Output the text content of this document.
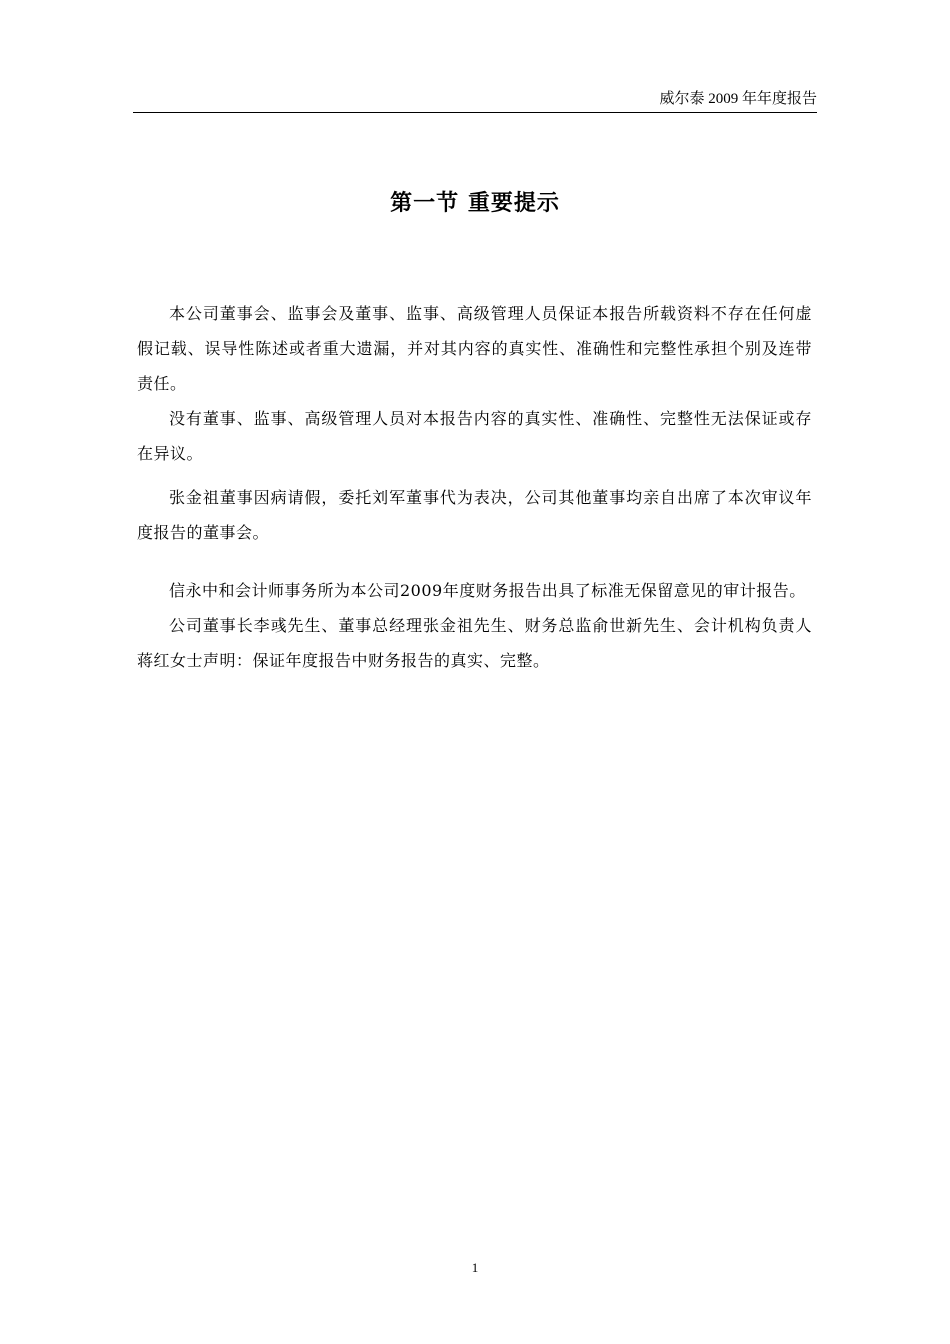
威尔泰 2009 年年度报告
第一节 重要提示

本公司董事会、监事会及董事、监事、高级管理人员保证本报告所载资料不存在任何虚假记载、误导性陈述或者重大遗漏，并对其内容的真实性、准确性和完整性承担个别及连带责任。

没有董事、监事、高级管理人员对本报告内容的真实性、准确性、完整性无法保证或存在异议。

张金祖董事因病请假，委托刘军董事代为表决，公司其他董事均亲自出席了本次审议年度报告的董事会。

信永中和会计师事务所为本公司2009年度财务报告出具了标准无保留意见的审计报告。

公司董事长李彧先生、董事总经理张金祖先生、财务总监俞世新先生、会计机构负责人蒋红女士声明：保证年度报告中财务报告的真实、完整。

1
